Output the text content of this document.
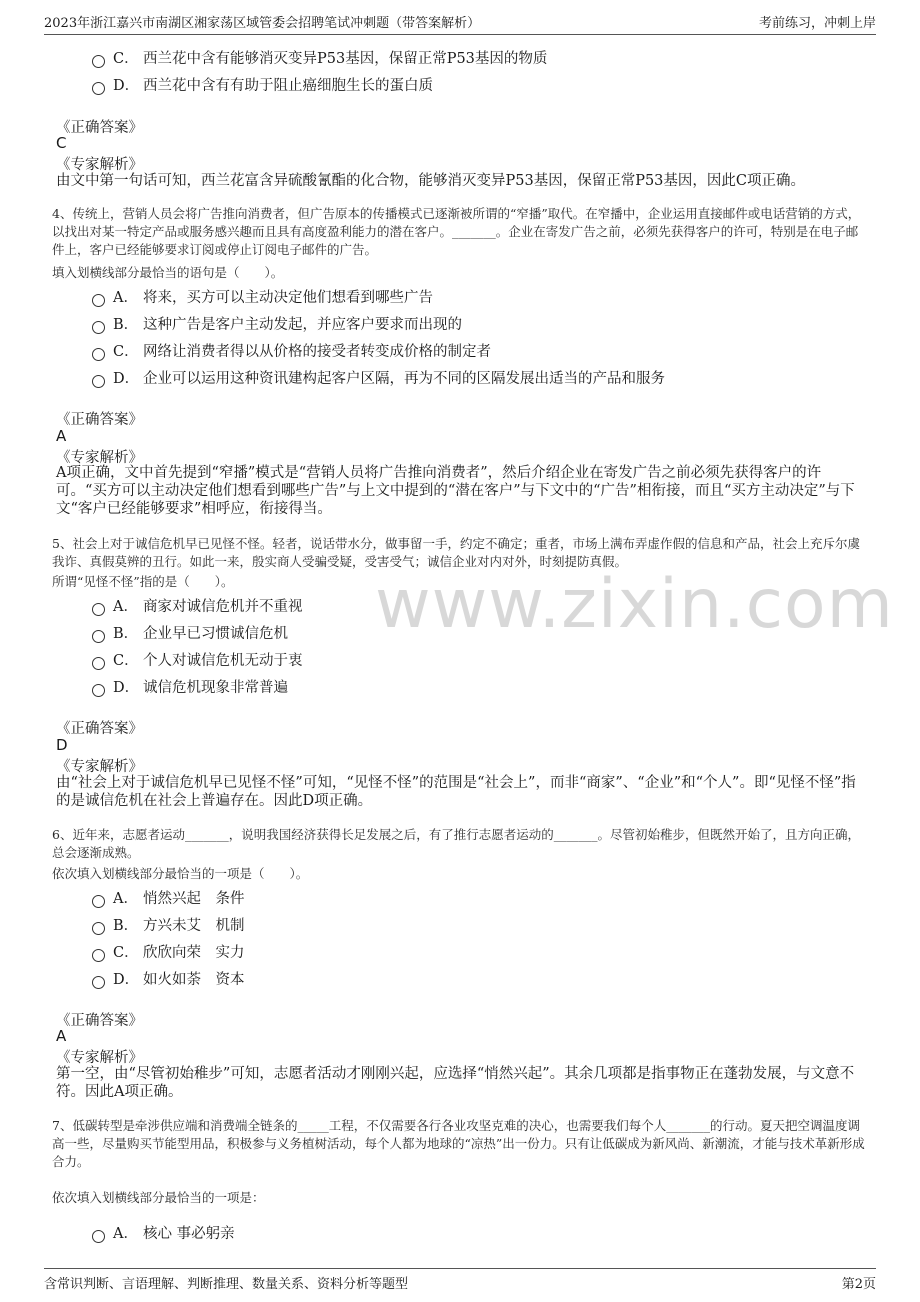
2023年浙江嘉兴市南湖区湘家荡区域管委会招聘笔试冲刺题（带答案解析）	考前练习，冲刺上岸
www.zixin.com
C． 西兰花中含有能够消灭变异P53基因，保留正常P53基因的物质
D． 西兰花中含有有助于阻止癌细胞生长的蛋白质
《正确答案》
C
《专家解析》
由文中第一句话可知，西兰花富含异硫酸氰酯的化合物，能够消灭变异P53基因，保留正常P53基因，因此C项正确。
4、传统上，营销人员会将广告推向消费者，但广告原本的传播模式已逐渐被所谓的“窄播”取代。在窄播中，企业运用直接邮件或电话营销的方式，以找出对某一特定产品或服务感兴趣而且具有高度盈利能力的潜在客户。_______。企业在寄发广告之前，必须先获得客户的许可，特别是在电子邮件上，客户已经能够要求订阅或停止订阅电子邮件的广告。
填入划横线部分最恰当的语句是（　　）。
A． 将来，买方可以主动决定他们想看到哪些广告
B． 这种广告是客户主动发起，并应客户要求而出现的
C． 网络让消费者得以从价格的接受者转变成价格的制定者
D． 企业可以运用这种资讯建构起客户区隔，再为不同的区隔发展出适当的产品和服务
《正确答案》
A
《专家解析》
A项正确，文中首先提到“窄播”模式是“营销人员将广告推向消费者”，然后介绍企业在寄发广告之前必须先获得客户的许可。“买方可以主动决定他们想看到哪些广告”与上文中提到的“潜在客户”与下文中的“广告”相衔接，而且“买方主动决定”与下文“客户已经能够要求”相呼应，衔接得当。
5、社会上对于诚信危机早已见怪不怪。轻者，说话带水分，做事留一手，约定不确定；重者，市场上满布弄虚作假的信息和产品，社会上充斥尔虞我诈、真假莫辨的丑行。如此一来，殷实商人受骗受疑，受害受气；诚信企业对内对外，时刻提防真假。
所谓“见怪不怪”指的是（　　）。
A． 商家对诚信危机并不重视
B． 企业早已习惯诚信危机
C． 个人对诚信危机无动于衷
D． 诚信危机现象非常普遍
《正确答案》
D
《专家解析》
由“社会上对于诚信危机早已见怪不怪”可知，“见怪不怪”的范围是“社会上”，而非“商家”、“企业”和“个人”。即“见怪不怪”指的是诚信危机在社会上普遍存在。因此D项正确。
6、近年来，志愿者运动_______，说明我国经济获得长足发展之后，有了推行志愿者运动的_______。尽管初始稚步，但既然开始了，且方向正确，总会逐渐成熟。
依次填入划横线部分最恰当的一项是（　　）。
A． 悄然兴起　条件
B． 方兴未艾　机制
C． 欣欣向荣　实力
D． 如火如荼　资本
《正确答案》
A
《专家解析》
第一空，由“尽管初始稚步”可知，志愿者活动才刚刚兴起，应选择“悄然兴起”。其余几项都是指事物正在蓬勃发展，与文意不符。因此A项正确。
7、低碳转型是牵涉供应端和消费端全链条的_____工程，不仅需要各行各业攻坚克难的决心，也需要我们每个人_______的行动。夏天把空调温度调高一些，尽量购买节能型用品，积极参与义务植树活动，每个人都为地球的“凉热”出一份力。只有让低碳成为新风尚、新潮流，才能与技术革新形成合力。
依次填入划横线部分最恰当的一项是：
A． 核心 事必躬亲
含常识判断、言语理解、判断推理、数量关系、资料分析等题型	第2页
